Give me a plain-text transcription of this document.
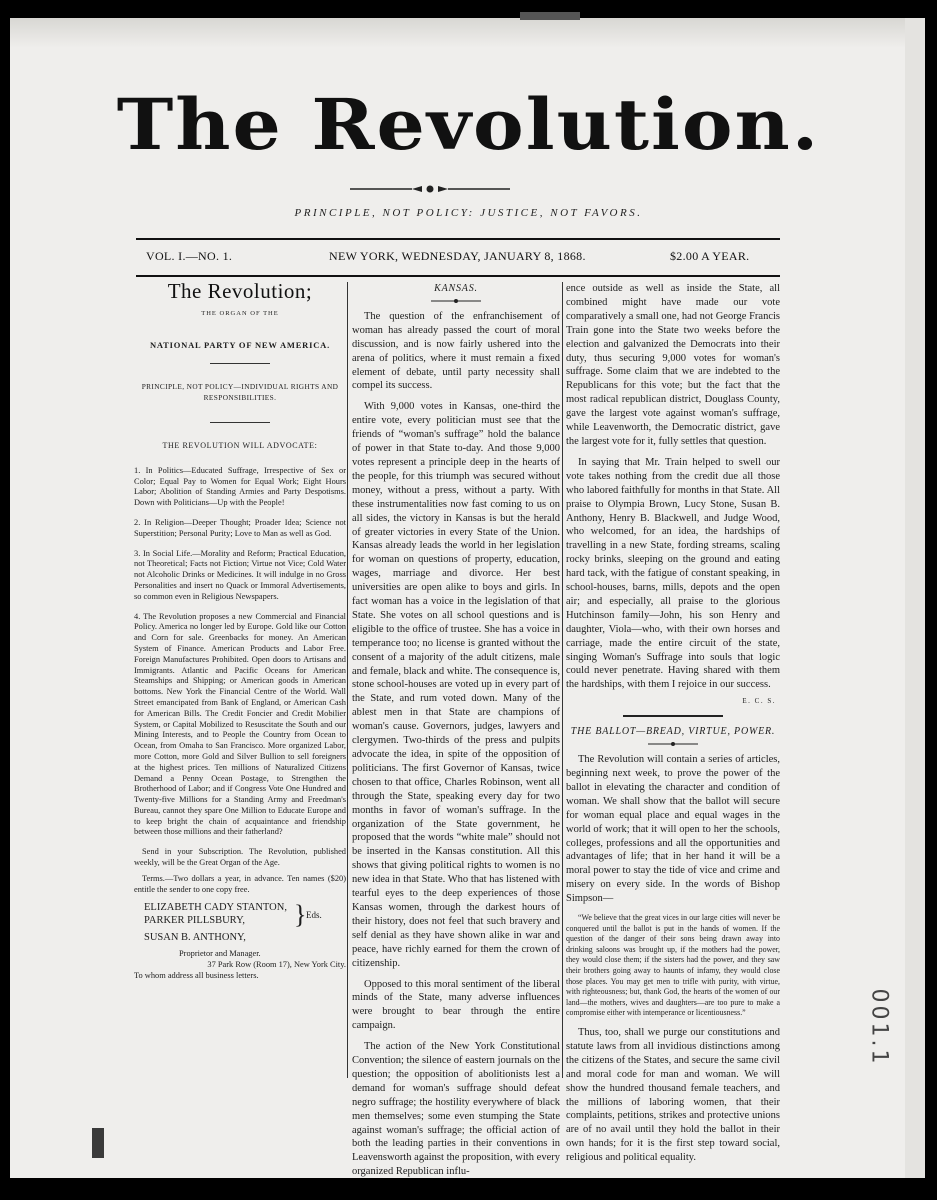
The Revolution.
PRINCIPLE, NOT POLICY: JUSTICE, NOT FAVORS.
VOL. I.—NO. 1.	NEW YORK, WEDNESDAY, JANUARY 8, 1868.	$2.00 A YEAR.
The Revolution;
THE ORGAN OF THE
NATIONAL PARTY OF NEW AMERICA.
PRINCIPLE, NOT POLICY—INDIVIDUAL RIGHTS AND RESPONSIBILITIES.
THE REVOLUTION WILL ADVOCATE:

1. In Politics—Educated Suffrage, Irrespective of Sex or Color; Equal Pay to Women for Equal Work; Eight Hours Labor; Abolition of Standing Armies and Party Despotisms. Down with Politicians—Up with the People!

2. In Religion—Deeper Thought; Proader Idea; Science not Superstition; Personal Purity; Love to Man as well as God.

3. In Social Life.—Morality and Reform; Practical Education, not Theoretical; Facts not Fiction; Virtue not Vice; Cold Water not Alcoholic Drinks or Medicines. It will indulge in no Gross Personalities and insert no Quack or Immoral Advertisements, so common even in Religious Newspapers.

4. The Revolution proposes a new Commercial and Financial Policy. America no longer led by Europe. Gold like our Cotton and Corn for sale. Greenbacks for money. An American System of Finance. American Products and Labor Free. Foreign Manufactures Prohibited. Open doors to Artisans and Immigrants. Atlantic and Pacific Oceans for American Steamships and Shipping; or American goods in American bottoms. New York the Financial Centre of the World. Wall Street emancipated from Bank of England, or American Cash for American Bills. The Credit Foncier and Credit Mobilier System, or Capital Mobilized to Resuscitate the South and our Mining Interests, and to People the Country from Ocean to Ocean, from Omaha to San Francisco. More organized Labor, more Cotton, more Gold and Silver Bullion to sell foreigners at the highest prices. Ten millions of Naturalized Citizens Demand a Penny Ocean Postage, to Strengthen the Brotherhood of Labor; and if Congress Vote One Hundred and Twenty-five Millions for a Standing Army and Freedman's Bureau, cannot they spare One Million to Educate Europe and to keep bright the chain of acquaintance and friendship between those millions and their fatherland?

Send in your Subscription. The Revolution, published weekly, will be the Great Organ of the Age.

Terms.—Two dollars a year, in advance. Ten names ($20) entitle the sender to one copy free.

ELIZABETH CADY STANTON,
PARKER PILLSBURY,	} Eds.
SUSAN B. ANTHONY,
Proprietor and Manager.
37 Park Row (Room 17), New York City.
To whom address all business letters.
KANSAS.

The question of the enfranchisement of woman has already passed the court of moral discussion, and is now fairly ushered into the arena of politics, where it must remain a fixed element of debate, until party necessity shall compel its success.

With 9,000 votes in Kansas, one-third the entire vote, every politician must see that the friends of “woman's suffrage” hold the balance of power in that State to-day. And those 9,000 votes represent a principle deep in the hearts of the people, for this triumph was secured without money, without a press, without a party. With these instrumentalities now fast coming to us on all sides, the victory in Kansas is but the herald of greater victories in every State of the Union. Kansas already leads the world in her legislation for woman on questions of property, education, wages, marriage and divorce. Her best universities are open alike to boys and girls. In fact woman has a voice in the legislation of that State. She votes on all school questions and is eligible to the office of trustee. She has a voice in temperance too; no license is granted without the consent of a majority of the adult citizens, male and female, black and white. The consequence is, stone school-houses are voted up in every part of the State, and rum voted down. Many of the ablest men in that State are champions of woman's cause. Governors, judges, lawyers and clergymen. Two-thirds of the press and pulpits advocate the idea, in spite of the opposition of politicians. The first Governor of Kansas, twice chosen to that office, Charles Robinson, went all through the State, speaking every day for two months in favor of woman's suffrage. In the organization of the State government, he proposed that the words “white male” should not be inserted in the Kansas constitution. All this shows that giving political rights to women is no new idea in that State. Who that has listened with tearful eyes to the deep experiences of those Kansas women, through the darkest hours of their history, does not feel that such bravery and self denial as they have shown alike in war and peace, have richly earned for them the crown of citizenship.

Opposed to this moral sentiment of the liberal minds of the State, many adverse influences were brought to bear through the entire campaign.

The action of the New York Constitutional Convention; the silence of eastern journals on the question; the opposition of abolitionists lest a demand for woman's suffrage should defeat negro suffrage; the hostility everywhere of black men themselves; some even stumping the State against woman's suffrage; the official action of both the leading parties in their conventions in Leavensworth against the proposition, with every organized Republican influ-

ence outside as well as inside the State, all combined might have made our vote comparatively a small one, had not George Francis Train gone into the State two weeks before the election and galvanized the Democrats into their duty, thus securing 9,000 votes for woman's suffrage. Some claim that we are indebted to the Republicans for this vote; but the fact that the most radical republican district, Douglass County, gave the largest vote against woman's suffrage, while Leavenworth, the Democratic district, gave the largest vote for it, fully settles that question.

In saying that Mr. Train helped to swell our vote takes nothing from the credit due all those who labored faithfully for months in that State. All praise to Olympia Brown, Lucy Stone, Susan B. Anthony, Henry B. Blackwell, and Judge Wood, who welcomed, for an idea, the hardships of travelling in a new State, fording streams, scaling rocky brinks, sleeping on the ground and eating hard tack, with the fatigue of constant speaking, in school-houses, barns, mills, depots and the open air; and especially, all praise to the glorious Hutchinson family—John, his son Henry and daughter, Viola—who, with their own horses and carriage, made the entire circuit of the state, singing Woman's Suffrage into souls that logic could never penetrate. Having shared with them the hardships, with them I rejoice in our success.

E. C. S.
THE BALLOT—BREAD, VIRTUE, POWER.

The Revolution will contain a series of articles, beginning next week, to prove the power of the ballot in elevating the character and condition of woman. We shall show that the ballot will secure for woman equal place and equal wages in the world of work; that it will open to her the schools, colleges, professions and all the opportunities and advantages of life; that in her hand it will be a moral power to stay the tide of vice and crime and misery on every side. In the words of Bishop Simpson—

“We believe that the great vices in our large cities will never be conquered until the ballot is put in the hands of women. If the question of the danger of their sons being drawn away into drinking saloons was brought up, if the mothers had the power, they would close them; if the sisters had the power, and they saw their brothers going away to haunts of infamy, they would close those places. You may get men to trifle with purity, with virtue, with righteousness; but, thank God, the hearts of the women of our land—the mothers, wives and daughters—are too pure to make a compromise either with intemperance or licentiousness.”

Thus, too, shall we purge our constitutions and statute laws from all invidious distinctions among the citizens of the States, and secure the same civil and moral code for man and woman. We will show the hundred thousand female teachers, and the millions of laboring women, that their complaints, petitions, strikes and protective unions are of no avail until they hold the ballot in their own hands; for it is the first step toward social, religious and political equality.

001.1
